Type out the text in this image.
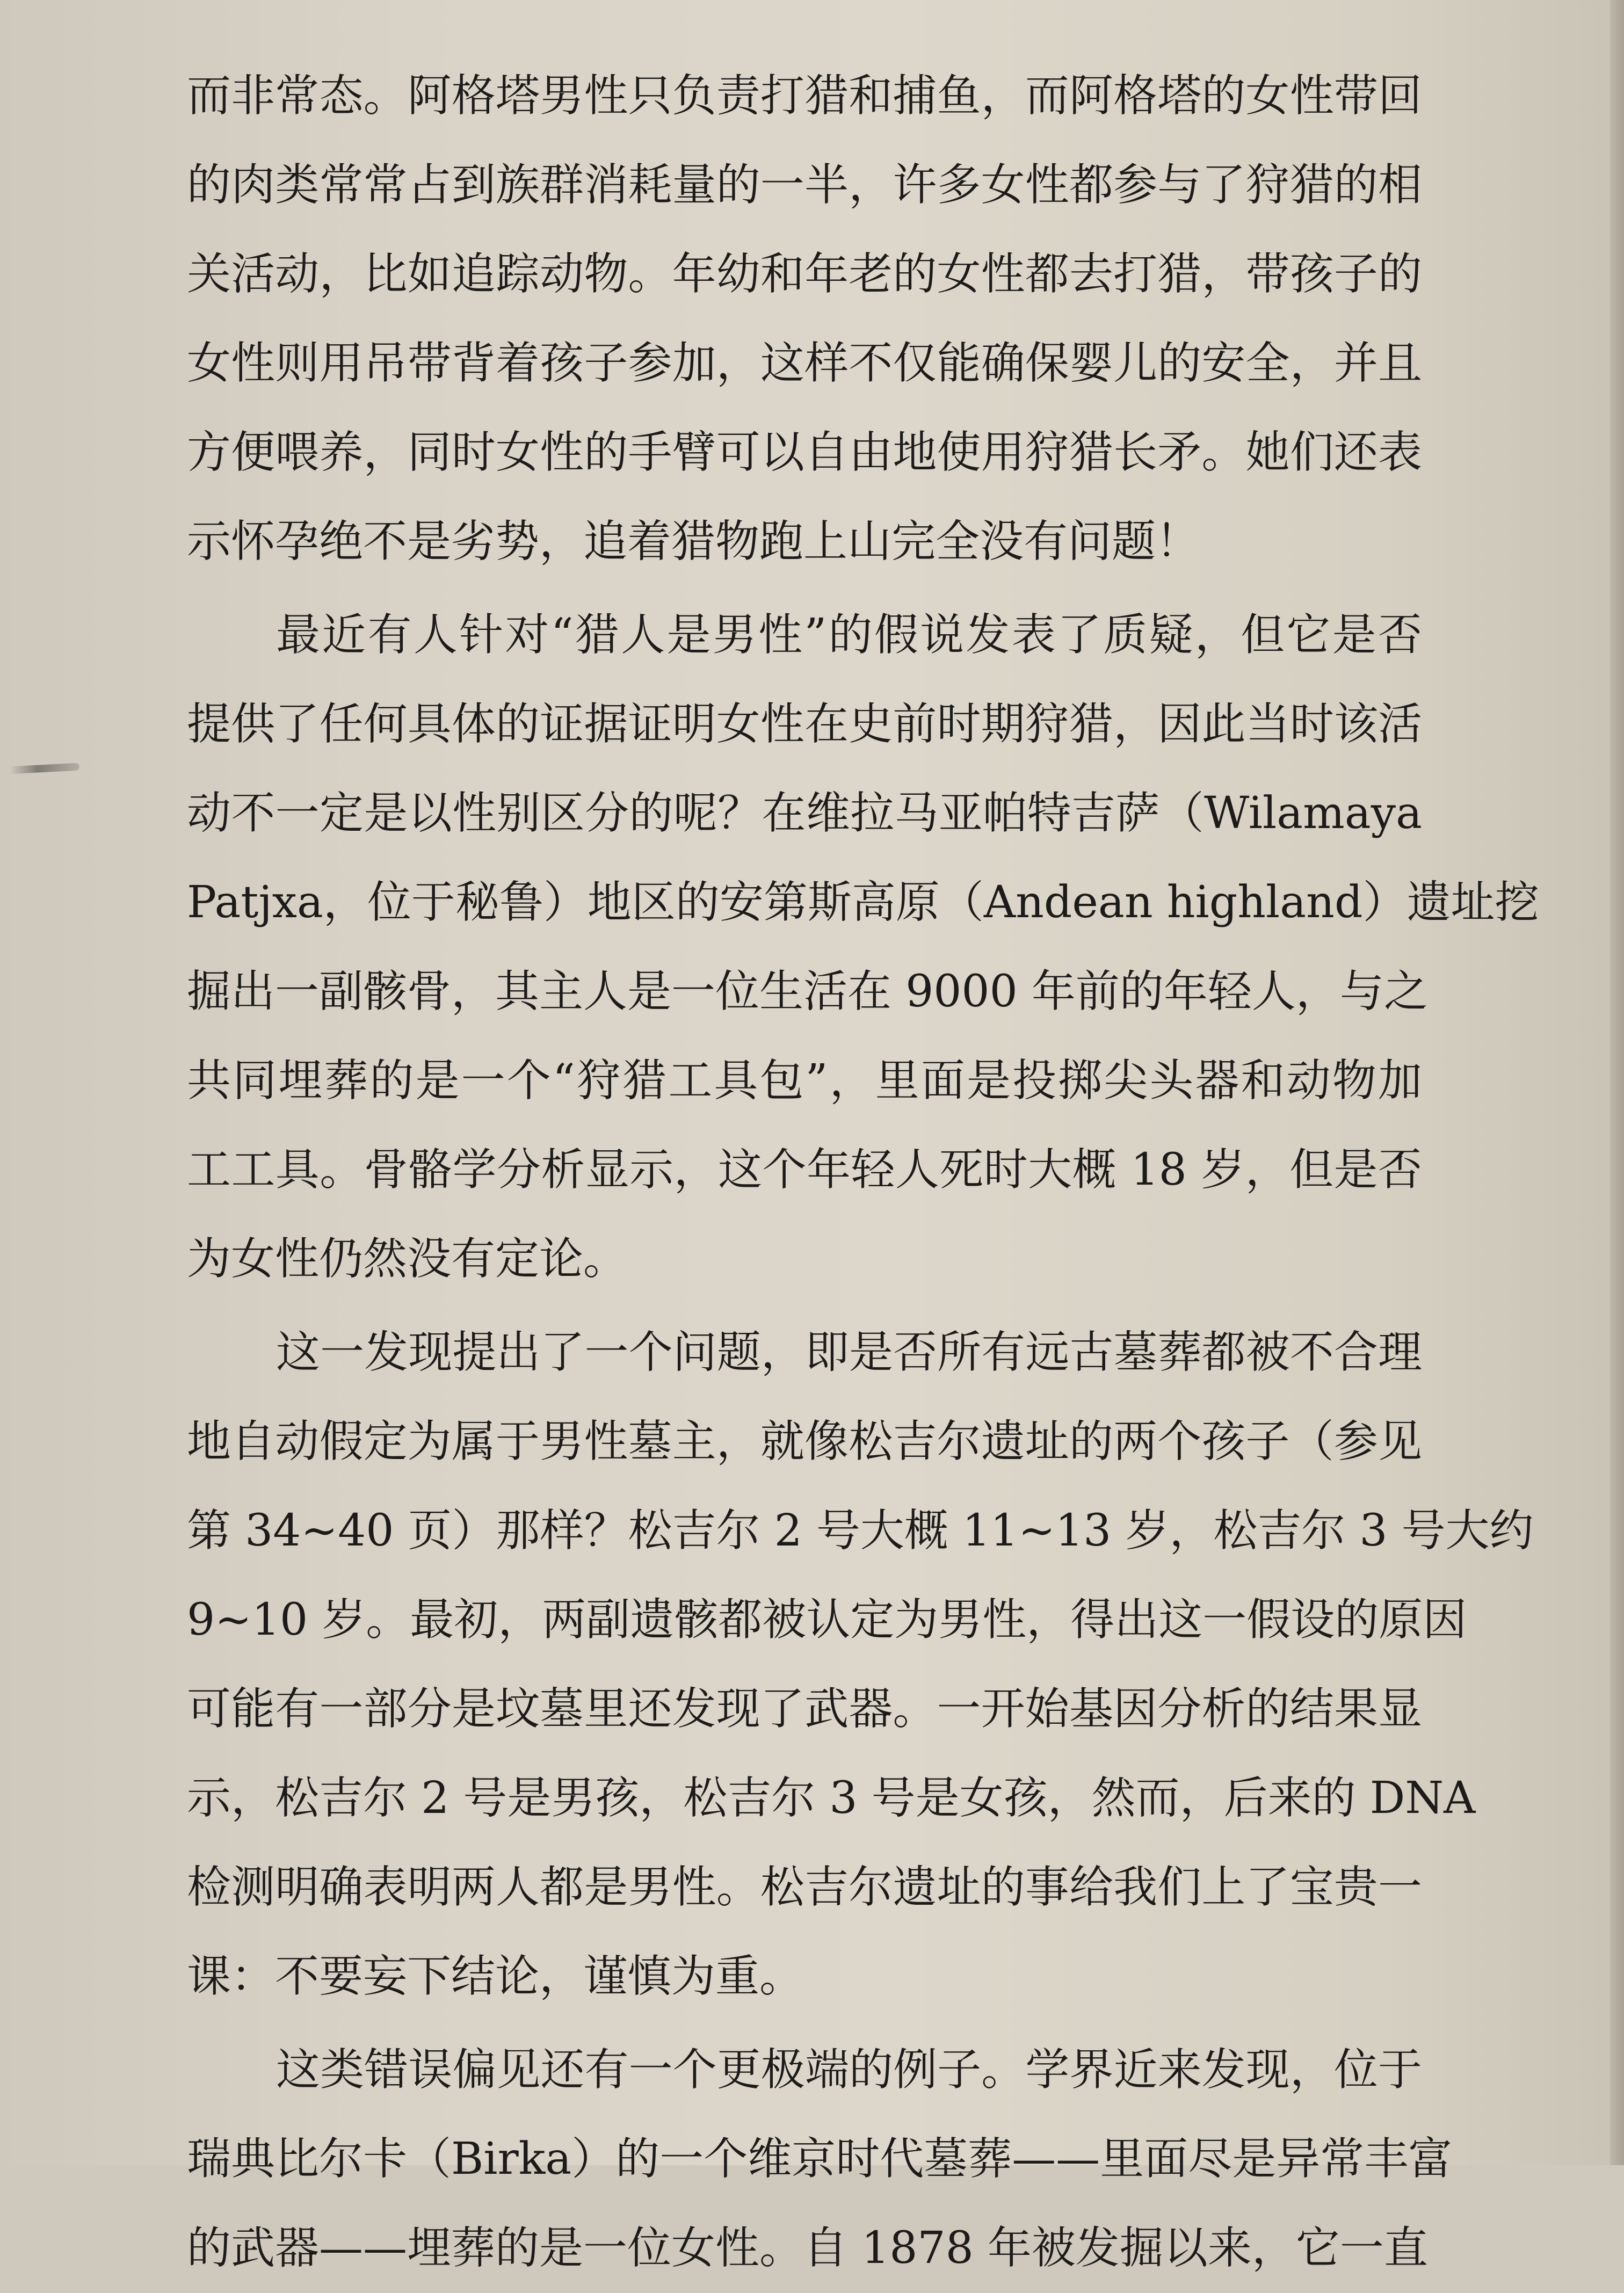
而非常态。阿格塔男性只负责打猎和捕鱼，而阿格塔的女性带回
的肉类常常占到族群消耗量的一半，许多女性都参与了狩猎的相
关活动，比如追踪动物。年幼和年老的女性都去打猎，带孩子的
女性则用吊带背着孩子参加，这样不仅能确保婴儿的安全，并且
方便喂养，同时女性的手臂可以自由地使用狩猎长矛。她们还表
示怀孕绝不是劣势，追着猎物跑上山完全没有问题！
最近有人针对“猎人是男性”的假说发表了质疑，但它是否
提供了任何具体的证据证明女性在史前时期狩猎，因此当时该活
动不一定是以性别区分的呢？在维拉马亚帕特吉萨（Wilamaya
Patjxa，位于秘鲁）地区的安第斯高原（Andean highland）遗址挖
掘出一副骸骨，其主人是一位生活在 9000 年前的年轻人，与之
共同埋葬的是一个“狩猎工具包”，里面是投掷尖头器和动物加
工工具。骨骼学分析显示，这个年轻人死时大概 18 岁，但是否
为女性仍然没有定论。
这一发现提出了一个问题，即是否所有远古墓葬都被不合理
地自动假定为属于男性墓主，就像松吉尔遗址的两个孩子（参见
第 34~40 页）那样？松吉尔 2 号大概 11~13 岁，松吉尔 3 号大约
9~10 岁。最初，两副遗骸都被认定为男性，得出这一假设的原因
可能有一部分是坟墓里还发现了武器。一开始基因分析的结果显
示，松吉尔 2 号是男孩，松吉尔 3 号是女孩，然而，后来的 DNA
检测明确表明两人都是男性。松吉尔遗址的事给我们上了宝贵一
课：不要妄下结论，谨慎为重。
这类错误偏见还有一个更极端的例子。学界近来发现，位于
瑞典比尔卡（Birka）的一个维京时代墓葬——里面尽是异常丰富
的武器——埋葬的是一位女性。自 1878 年被发掘以来，它一直
